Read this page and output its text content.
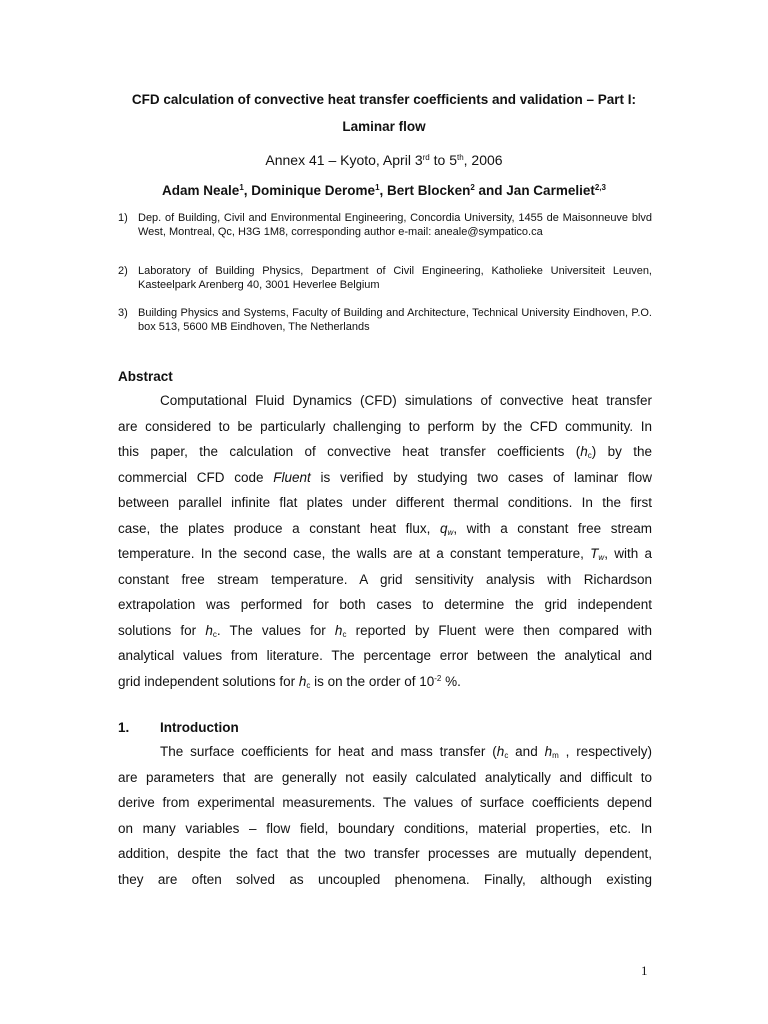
CFD calculation of convective heat transfer coefficients and validation – Part I:
Laminar flow
Annex 41 – Kyoto, April 3rd to 5th, 2006
Adam Neale$^1$, Dominique Derome$^1$, Bert Blocken$^2$ and Jan Carmeliet$^{2,3}$
1) Dep. of Building, Civil and Environmental Engineering, Concordia University, 1455 de Maisonneuve blvd West, Montreal, Qc, H3G 1M8, corresponding author e-mail: aneale@sympatico.ca
2) Laboratory of Building Physics, Department of Civil Engineering, Katholieke Universiteit Leuven, Kasteelpark Arenberg 40, 3001 Heverlee Belgium
3) Building Physics and Systems, Faculty of Building and Architecture, Technical University Eindhoven, P.O. box 513, 5600 MB Eindhoven, The Netherlands
Abstract
Computational Fluid Dynamics (CFD) simulations of convective heat transfer
are considered to be particularly challenging to perform by the CFD community. In
this paper, the calculation of convective heat transfer coefficients $(h_c)$ by the
commercial CFD code Fluent is verified by studying two cases of laminar flow
between parallel infinite flat plates under different thermal conditions. In the first
case, the plates produce a constant heat flux, $q_w$, with a constant free stream
temperature. In the second case, the walls are at a constant temperature, $T_w$, with a
constant free stream temperature. A grid sensitivity analysis with Richardson
extrapolation was performed for both cases to determine the grid independent
solutions for $h_c$. The values for $h_c$ reported by Fluent were then compared with
analytical values from literature. The percentage error between the analytical and
grid independent solutions for $h_c$ is on the order of $10^{-2}$ %.
1. Introduction
The surface coefficients for heat and mass transfer ($h_c$ and $h_m$ , respectively)
are parameters that are generally not easily calculated analytically and difficult to
derive from experimental measurements. The values of surface coefficients depend
on many variables – flow field, boundary conditions, material properties, etc. In
addition, despite the fact that the two transfer processes are mutually dependent,
they are often solved as uncoupled phenomena. Finally, although existing
1
